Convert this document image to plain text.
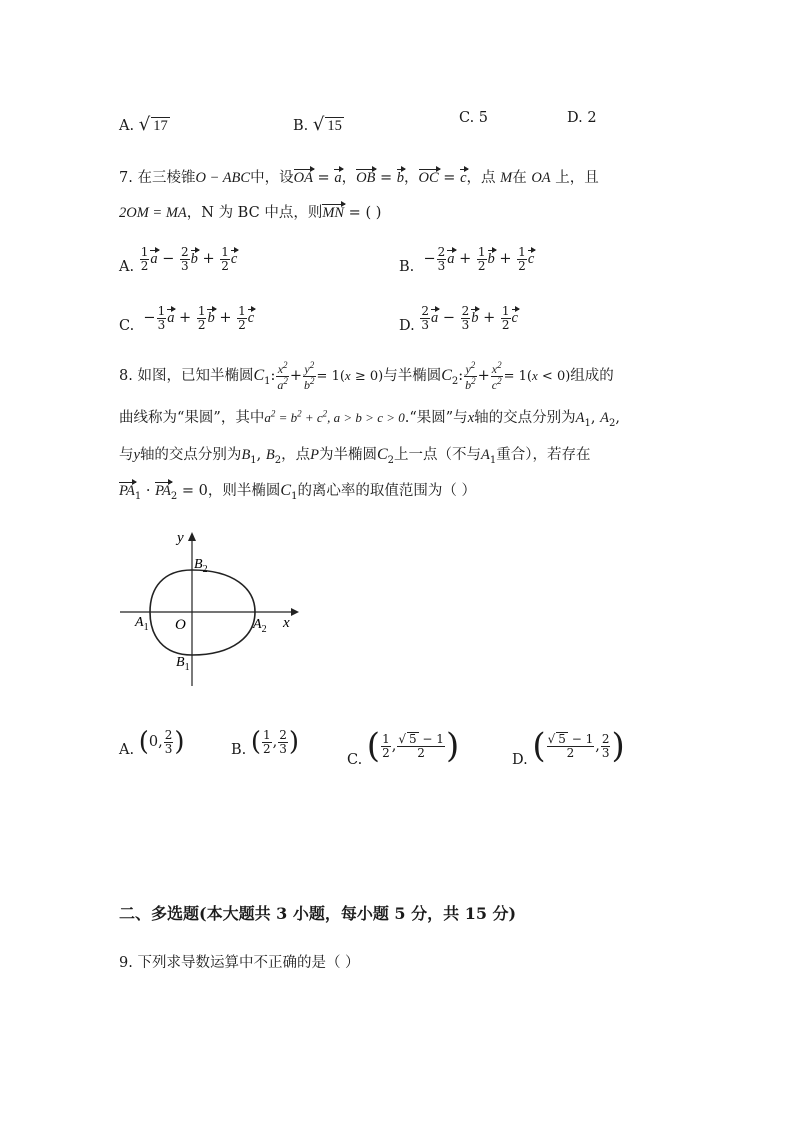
A. √ 17	B. √ 15	C. 5	D. 2
7. 在三棱锥O − ABC中，设OA = a，OB = b，OC = c，点 M在 OA 上，且
2OM = MA，N 为 BC 中点，则MN = ( )
A. $\frac{1}{2}$ $a - \frac{2}{3}$ $b + \frac{1}{2}$ c	B.  − $\frac{2}{3}$ $a + \frac{1}{2}$ $b + \frac{1}{2}$ c
C.  − $\frac{1}{3}$ $a + \frac{1}{2}$ $b + \frac{1}{2}$ c	D. $\frac{2}{3}$ $a - \frac{2}{3}$ $b + \frac{1}{2}$ c
8. 如图，已知半椭圆$C_1$: $\frac{x^2}{a^2} + \frac{y^2}{b^2} = 1(x \ge 0)$与半椭圆$C_2$: $\frac{y^2}{b^2} + \frac{x^2}{c^2} = 1(x < 0)$组成的
曲线称为“果圆”，其中$a^2 = b^2 + c^2$, a > b > c > 0.“果圆”与x轴的交点分别为$A_1$, $A_2$,
与y轴的交点分别为$B_1$, $B_2$，点P为半椭圆$C_2$上一点（不与$A_1$重合），若存在
$PA_1 \cdot PA_2 = 0$，则半椭圆$C_1$的离心率的取值范围为（ ）
y
x
O
$A_1$	$A_2$
$B_2$
$B_1$
A. (0, $\frac{2}{3}$ )	B. ( $\frac{1}{2}$ , $\frac{2}{3}$ )
C. ( $\frac{1}{2}$ , $\frac{√ 5 - 1}{2}$ )	D. ( $\frac{√ 5 - 1}{2}$ , $\frac{2}{3}$ )
二、多选题(本大题共 3 小题，每小题 5 分，共 15 分)
9. 下列求导数运算中不正确的是（ ）
